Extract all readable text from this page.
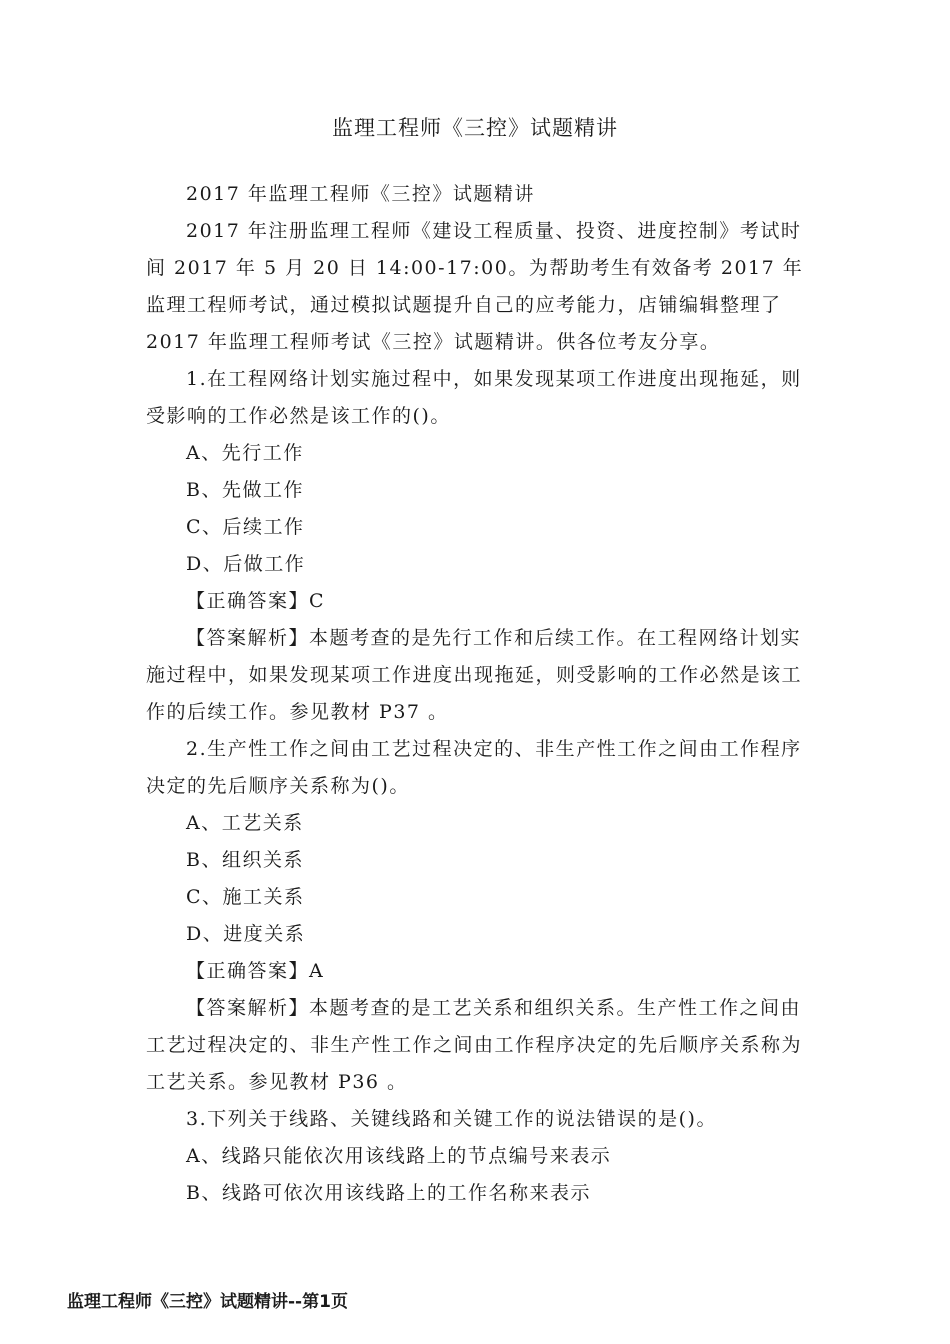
监理工程师《三控》试题精讲

2017 年监理工程师《三控》试题精讲

2017 年注册监理工程师《建设工程质量、投资、进度控制》考试时间 2017 年 5 月 20 日 14:00-17:00。为帮助考生有效备考 2017 年监理工程师考试，通过模拟试题提升自己的应考能力，店铺编辑整理了 2017 年监理工程师考试《三控》试题精讲。供各位考友分享。

1.在工程网络计划实施过程中，如果发现某项工作进度出现拖延，则受影响的工作必然是该工作的()。

A、先行工作

B、先做工作

C、后续工作

D、后做工作

【正确答案】C

【答案解析】本题考查的是先行工作和后续工作。在工程网络计划实施过程中，如果发现某项工作进度出现拖延，则受影响的工作必然是该工作的后续工作。参见教材 P37 。

2.生产性工作之间由工艺过程决定的、非生产性工作之间由工作程序决定的先后顺序关系称为()。

A、工艺关系

B、组织关系

C、施工关系

D、进度关系

【正确答案】A

【答案解析】本题考查的是工艺关系和组织关系。生产性工作之间由工艺过程决定的、非生产性工作之间由工作程序决定的先后顺序关系称为工艺关系。参见教材 P36 。

3.下列关于线路、关键线路和关键工作的说法错误的是()。

A、线路只能依次用该线路上的节点编号来表示

B、线路可依次用该线路上的工作名称来表示

监理工程师《三控》试题精讲--第1页
